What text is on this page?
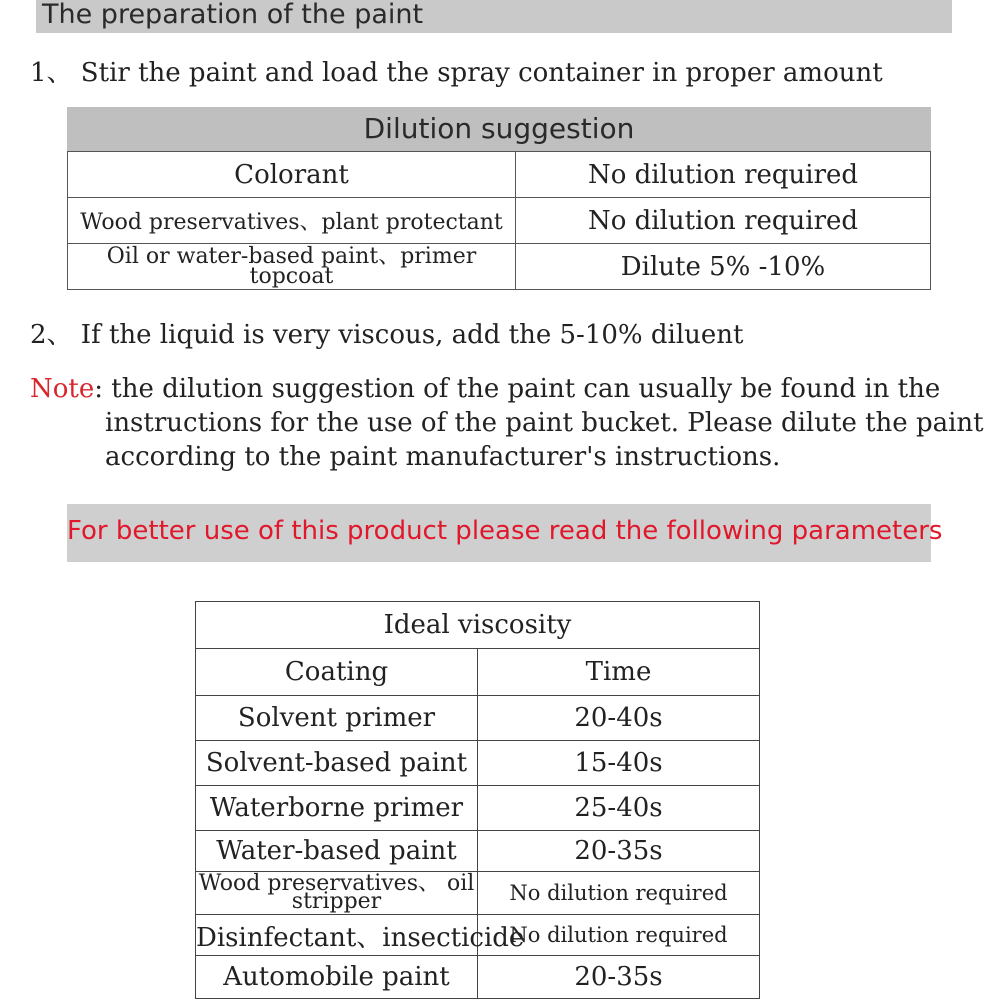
The preparation of the paint
1、 Stir the paint and load the spray container in proper amount
Dilution suggestion
Colorant	No dilution required
Wood preservatives、plant protectant	No dilution required
Oil or water-based paint、primer topcoat	Dilute 5% -10%
2、 If the liquid is very viscous, add the 5-10% diluent
Note: the dilution suggestion of the paint can usually be found in the
instructions for the use of the paint bucket. Please dilute the paint
according to the paint manufacturer's instructions.
For better use of this product please read the following parameters
Ideal viscosity	
Coating	Time
Solvent primer	20-40s
Solvent-based paint	15-40s
Waterborne primer	25-40s
Water-based paint	20-35s
Wood preservatives、 oil stripper	No dilution required
Disinfectant、insecticide	No dilution required
Automobile paint	20-35s
